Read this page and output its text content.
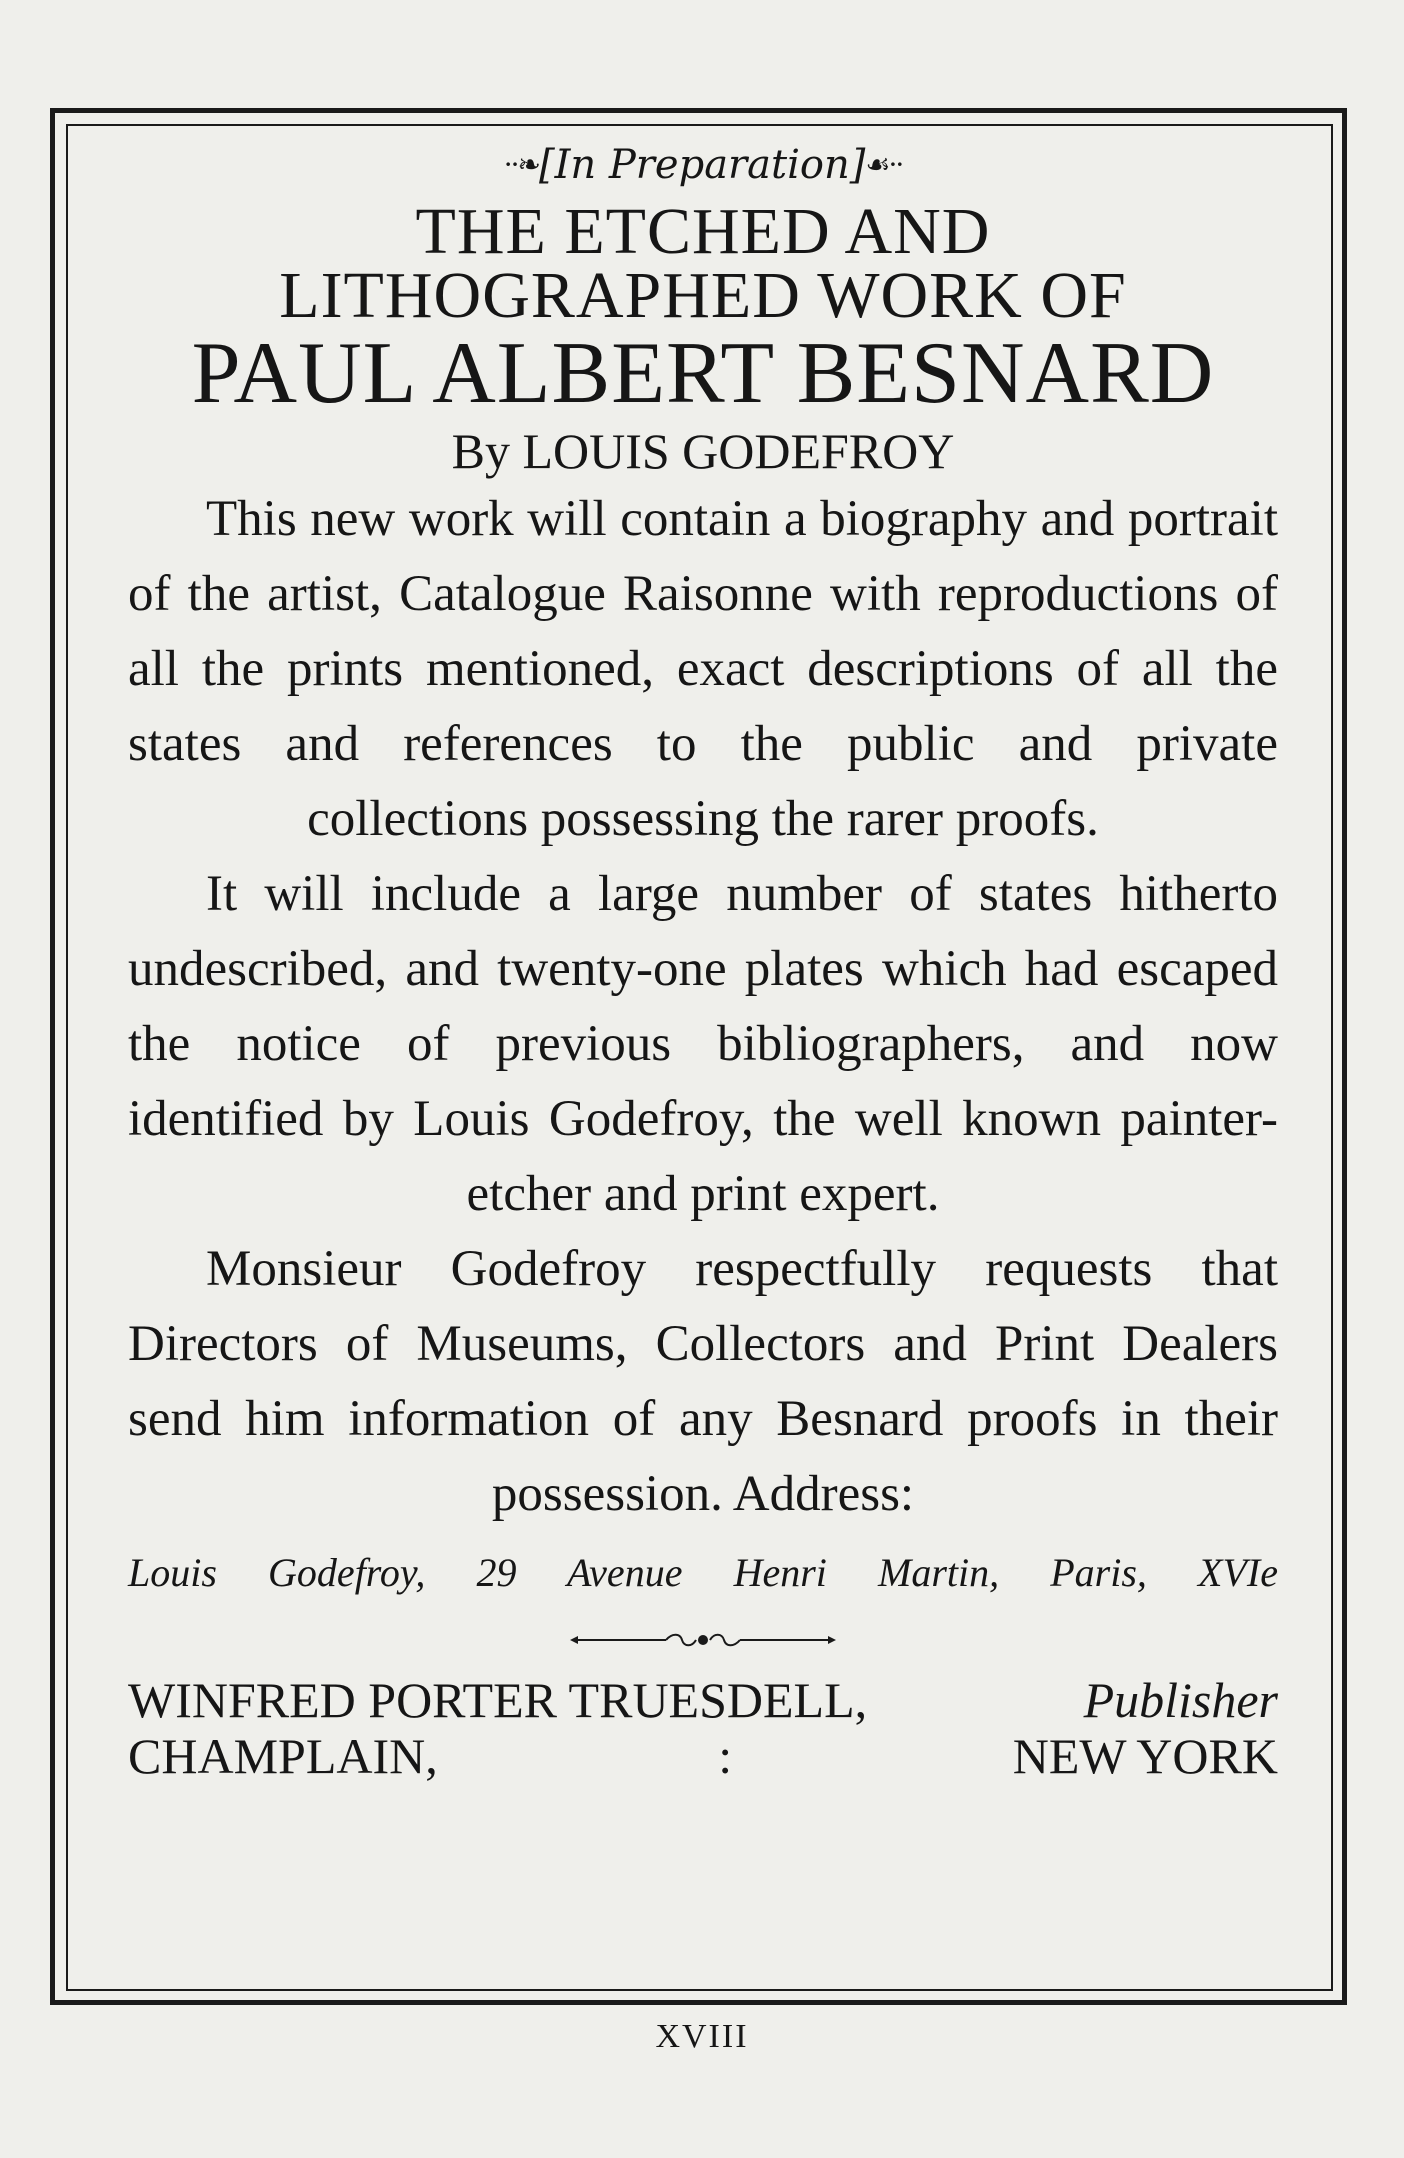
··❧[In Preparation]☙··
THE ETCHED AND
LITHOGRAPHED WORK OF
PAUL ALBERT BESNARD
By LOUIS GODEFROY

This new work will contain a biography and portrait of the artist, Catalogue Raisonne with reproductions of all the prints mentioned, exact descriptions of all the states and references to the public and private collections possessing the rarer proofs.

It will include a large number of states hitherto undescribed, and twenty-one plates which had escaped the notice of previous bibliographers, and now identified by Louis Godefroy, the well known painter-etcher and print expert.

Monsieur Godefroy respectfully requests that Directors of Museums, Collectors and Print Dealers send him information of any Besnard proofs in their possession. Address:

Louis Godefroy, 29 Avenue Henri Martin, Paris, XVIe
WINFRED PORTER TRUESDELL,	Publisher
CHAMPLAIN,	:	NEW YORK
XVIII
